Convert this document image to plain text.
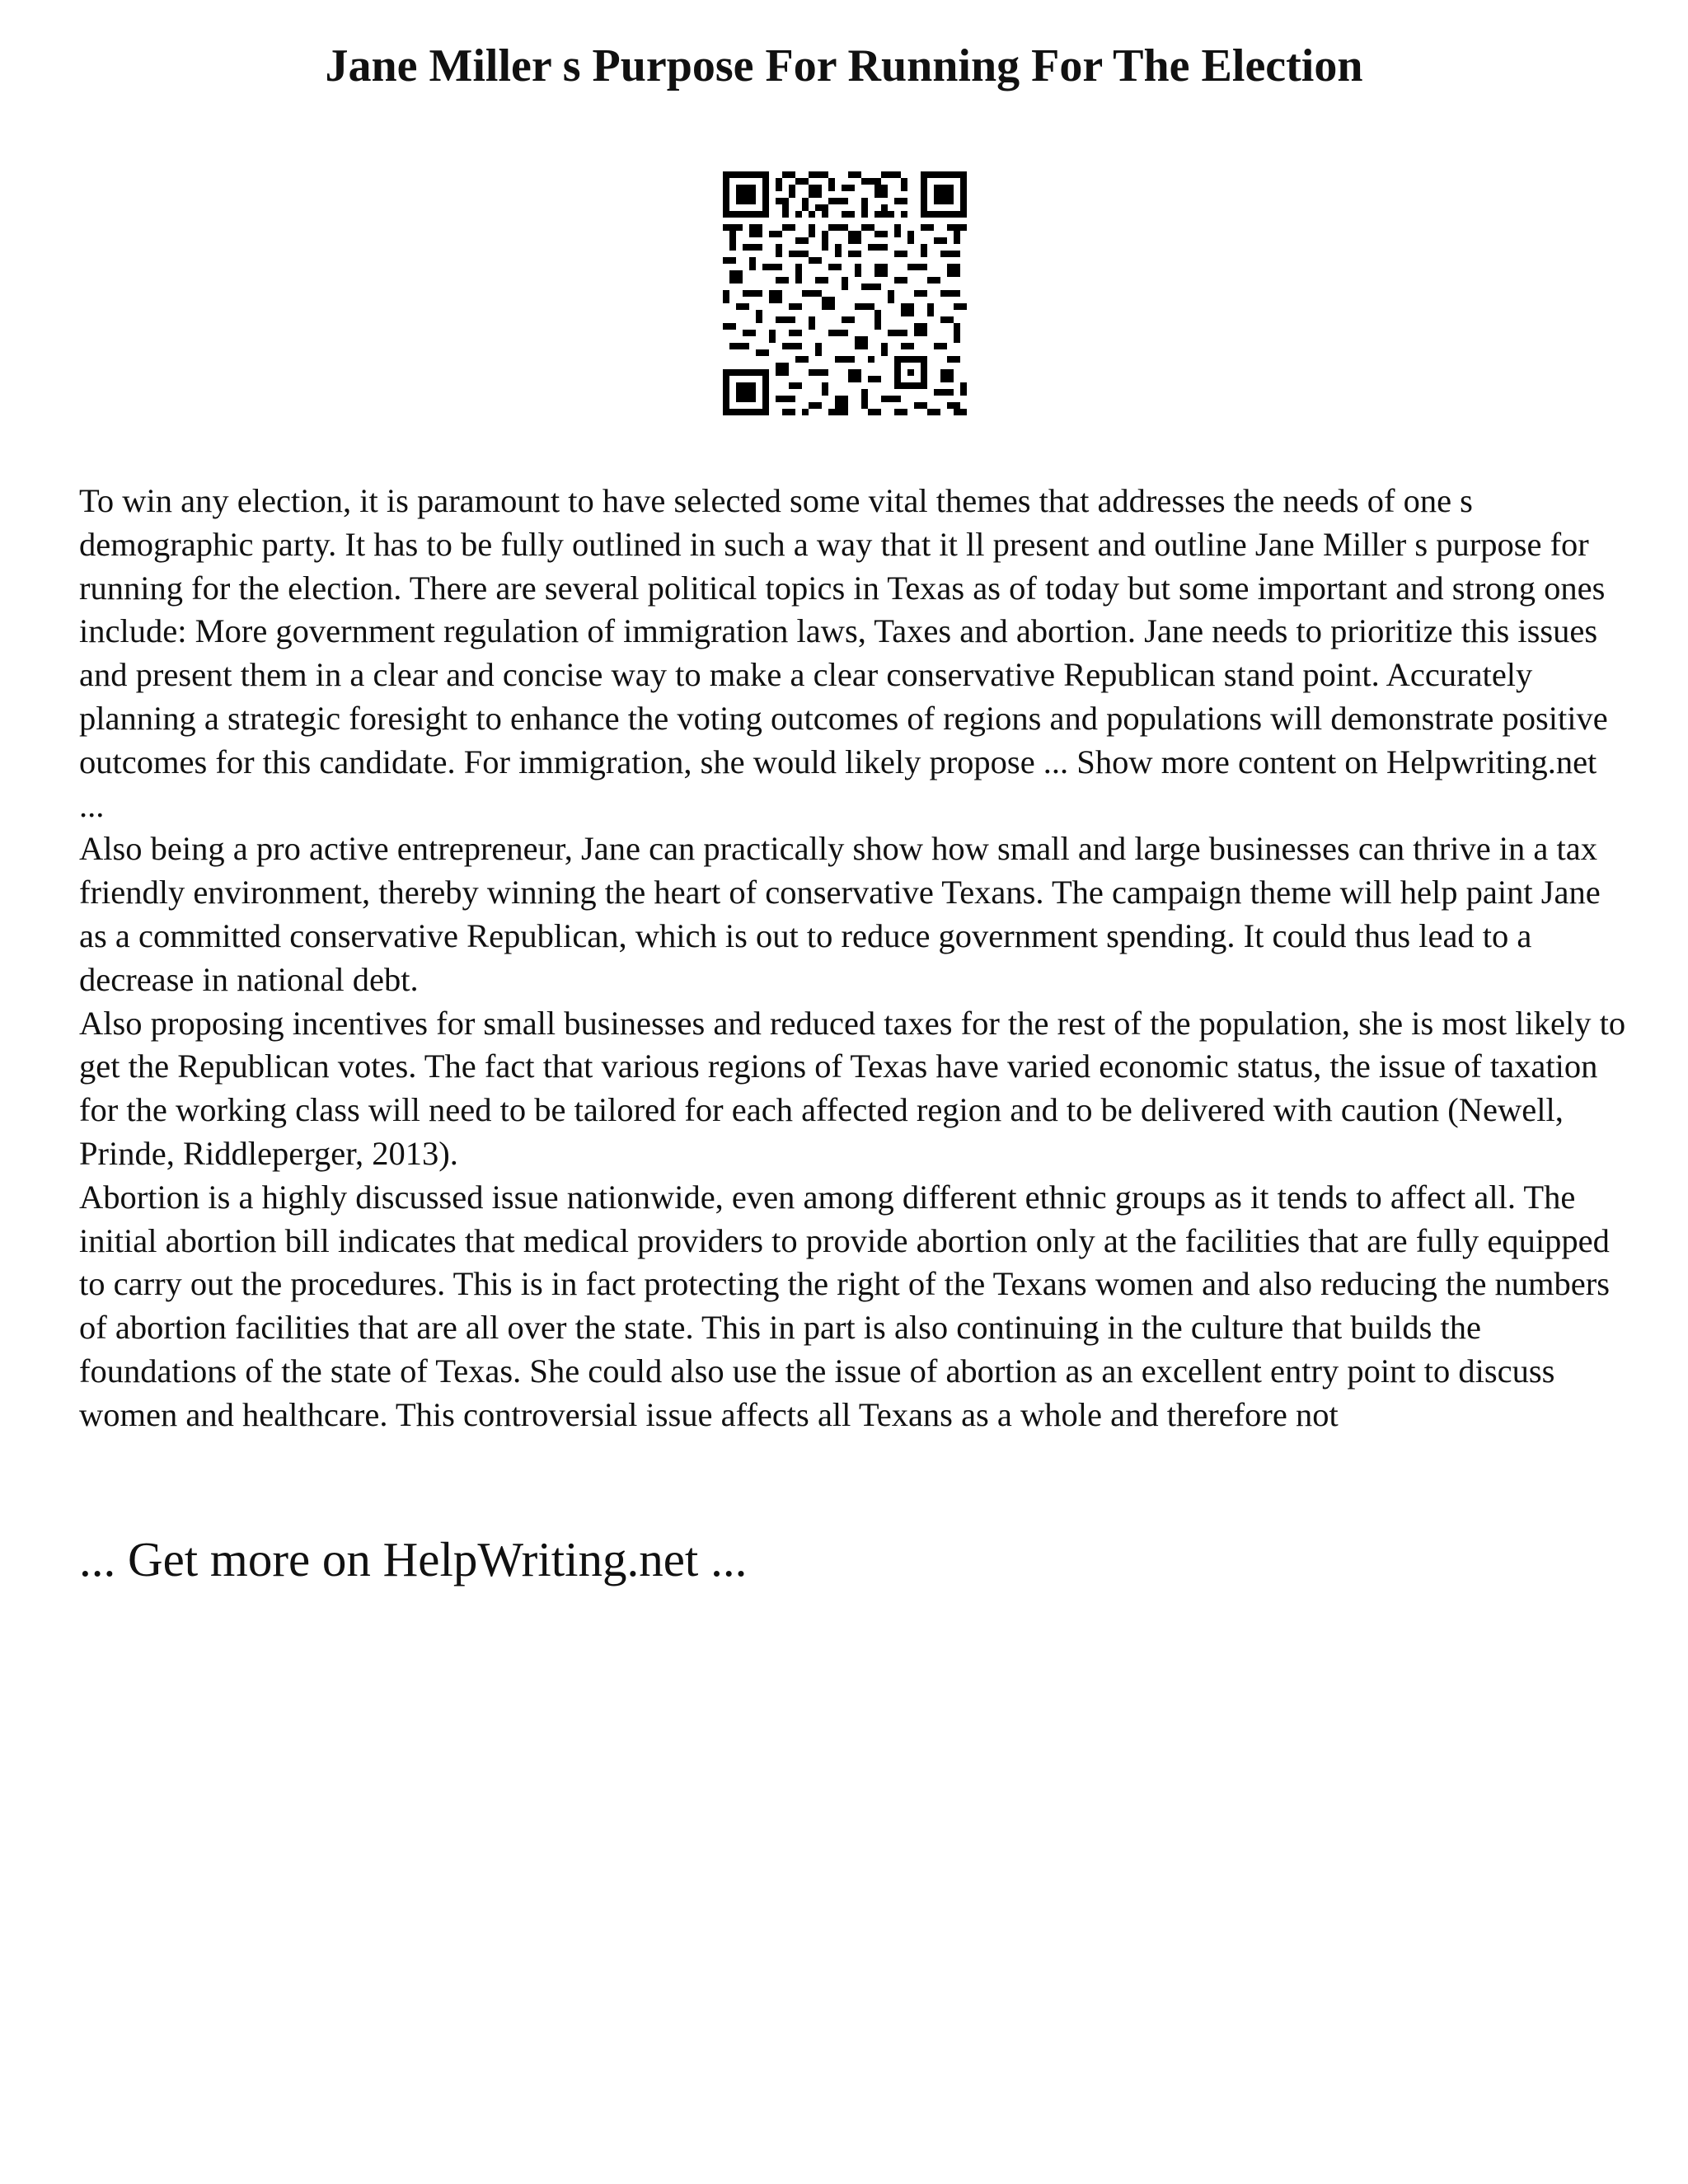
Jane Miller s Purpose For Running For The Election

To win any election, it is paramount to have selected some vital themes that addresses the needs of one s demographic party. It has to be fully outlined in such a way that it ll present and outline Jane Miller s purpose for running for the election. There are several political topics in Texas as of today but some important and strong ones include: More government regulation of immigration laws, Taxes and abortion. Jane needs to prioritize this issues and present them in a clear and concise way to make a clear conservative Republican stand point. Accurately planning a strategic foresight to enhance the voting outcomes of regions and populations will demonstrate positive outcomes for this candidate. For immigration, she would likely propose ... Show more content on Helpwriting.net ...

Also being a pro active entrepreneur, Jane can practically show how small and large businesses can thrive in a tax friendly environment, thereby winning the heart of conservative Texans. The campaign theme will help paint Jane as a committed conservative Republican, which is out to reduce government spending. It could thus lead to a decrease in national debt.

Also proposing incentives for small businesses and reduced taxes for the rest of the population, she is most likely to get the Republican votes. The fact that various regions of Texas have varied economic status, the issue of taxation for the working class will need to be tailored for each affected region and to be delivered with caution (Newell, Prinde, Riddleperger, 2013).

Abortion is a highly discussed issue nationwide, even among different ethnic groups as it tends to affect all. The initial abortion bill indicates that medical providers to provide abortion only at the facilities that are fully equipped to carry out the procedures. This is in fact protecting the right of the Texans women and also reducing the numbers of abortion facilities that are all over the state. This in part is also continuing in the culture that builds the foundations of the state of Texas. She could also use the issue of abortion as an excellent entry point to discuss women and healthcare. This controversial issue affects all Texans as a whole and therefore not

... Get more on HelpWriting.net ...
